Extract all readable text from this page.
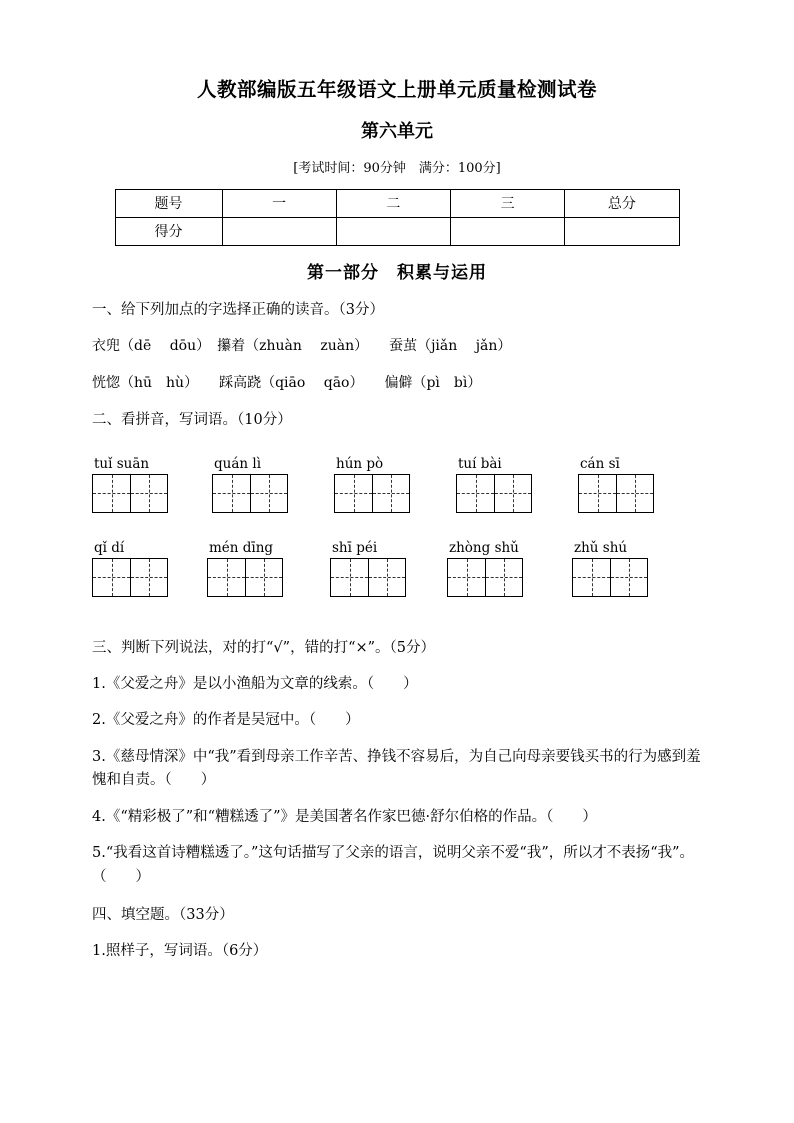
人教部编版五年级语文上册单元质量检测试卷
第六单元

[考试时间：90分钟　满分：100分]

题号	一	二	三	总分
得分				
第一部分　积累与运用

一、给下列加点的字选择正确的读音。（3分）

衣兜（dē　 dōu）　攥着（zhuàn　 zuàn）　　蚕茧（jiǎn　 jǎn）

恍惚（hū　hù）　　踩高跷（qiāo　 qāo）　　偏僻（pì　bì）

二、看拼音，写词语。（10分）

tuǐ suān	quán lì	hún pò	tuí bài	cán sī
qǐ dí	mén dīng	shī péi	zhòng shǔ	zhǔ shú

三、判断下列说法，对的打“√”，错的打“×”。（5分）

1.《父爱之舟》是以小渔船为文章的线索。（　　）

2.《父爱之舟》的作者是吴冠中。（　　）

3.《慈母情深》中“我”看到母亲工作辛苦、挣钱不容易后，为自己向母亲要钱买书的行为感到羞愧和自责。（　　）

4.《“精彩极了”和“糟糕透了”》是美国著名作家巴德·舒尔伯格的作品。（　　）

5.“我看这首诗糟糕透了。”这句话描写了父亲的语言，说明父亲不爱“我”，所以才不表扬“我”。（　　）

四、填空题。（33分）

1.照样子，写词语。（6分）
